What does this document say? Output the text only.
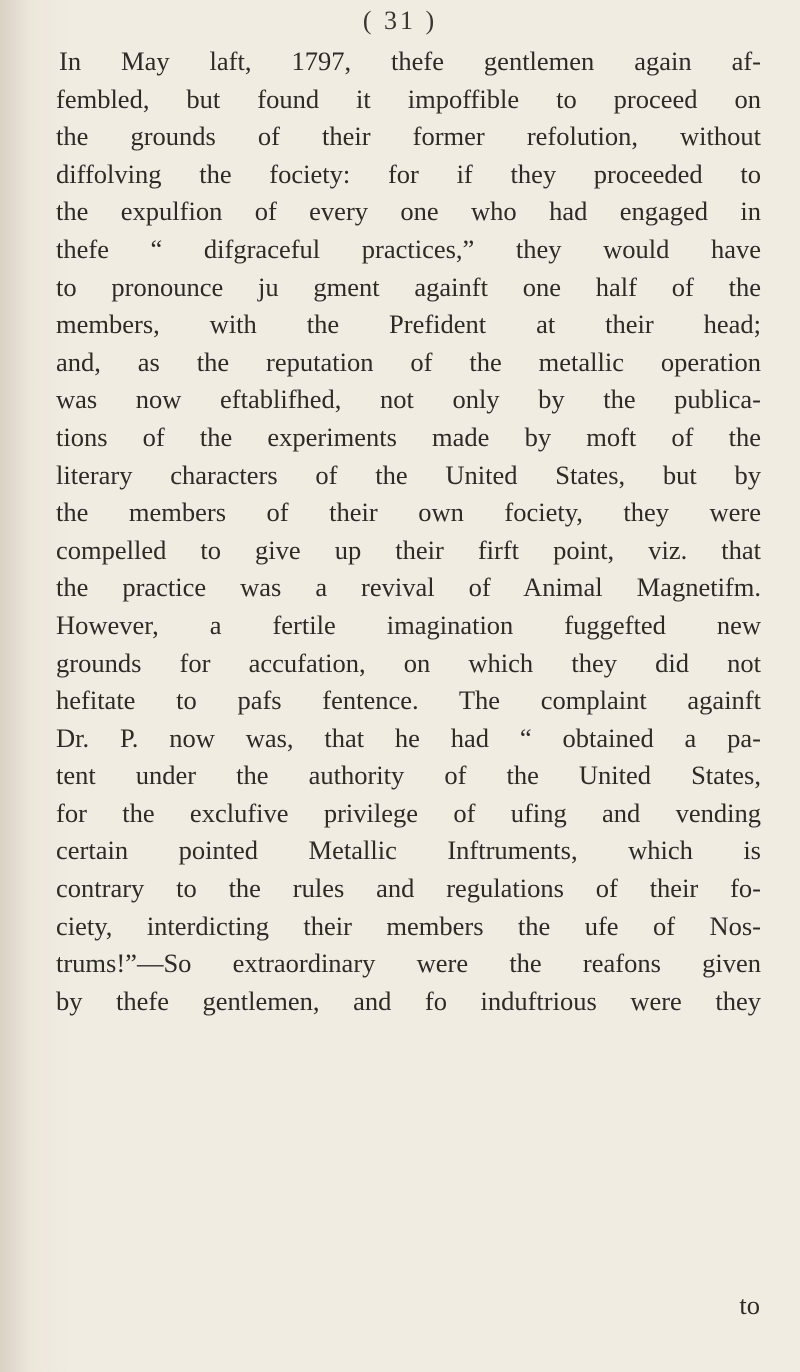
( 31 )
In May laft, 1797, thefe gentlemen again af-
fembled, but found it impoffible to proceed on
the grounds of their former refolution, without
diffolving the fociety: for if they proceeded to
the expulfion of every one who had engaged in
thefe “ difgraceful practices,” they would have
to pronounce ju gment againft one half of the
members, with the Prefident at their head;
and, as the reputation of the metallic operation
was now eftablifhed, not only by the publica-
tions of the experiments made by moft of the
literary characters of the United States, but by
the members of their own fociety, they were
compelled to give up their firft point, viz. that
the practice was a revival of Animal Magnetifm.
However, a fertile imagination fuggefted new
grounds for accufation, on which they did not
hefitate to pafs fentence. The complaint againft
Dr. P. now was, that he had “ obtained a pa-
tent under the authority of the United States,
for the exclufive privilege of ufing and vending
certain pointed Metallic Inftruments, which is
contrary to the rules and regulations of their fo-
ciety, interdicting their members the ufe of Nos-
trums!”—So extraordinary were the reafons given
by thefe gentlemen, and fo induftrious were they
to
